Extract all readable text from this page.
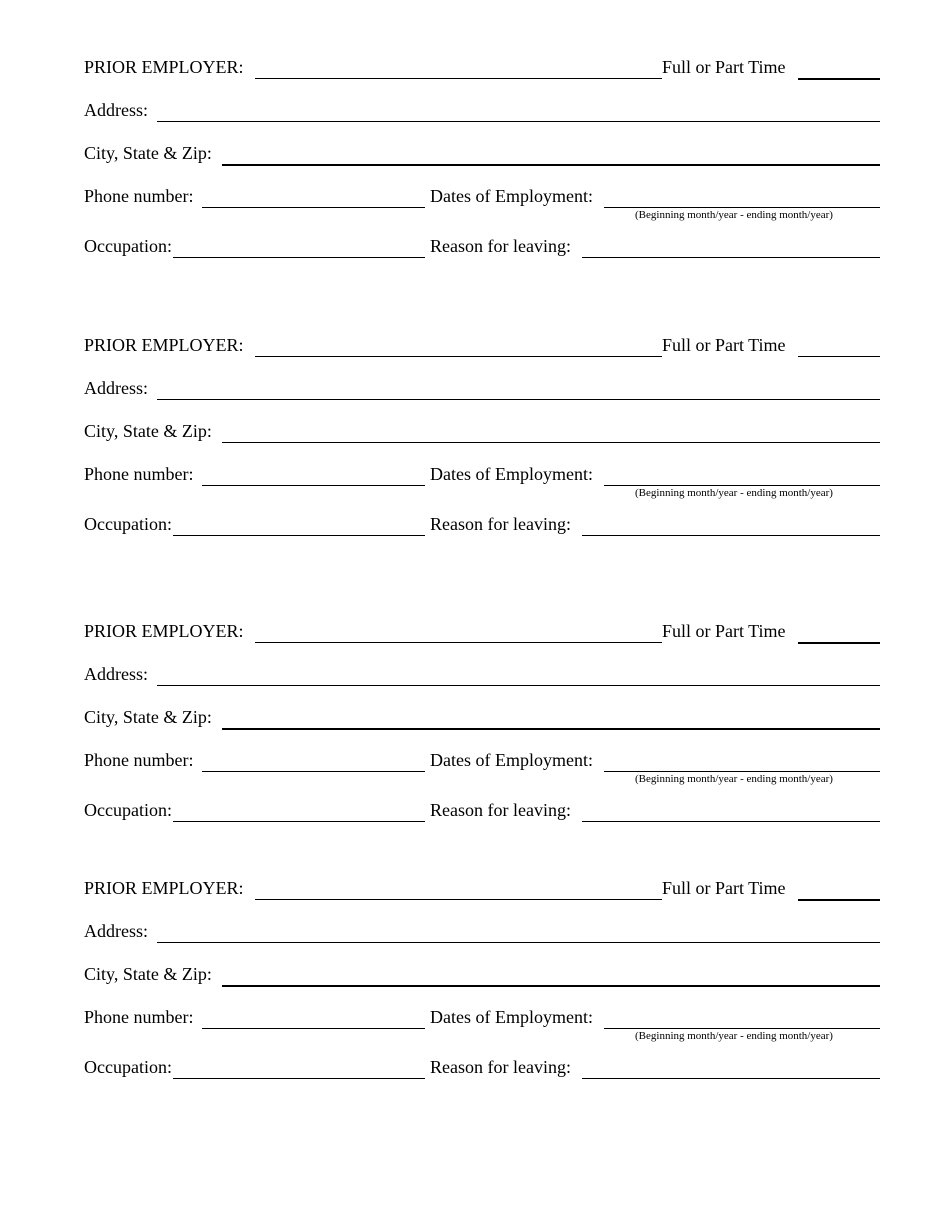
PRIOR EMPLOYER:	Full or Part Time
Address:
City, State & Zip:
Phone number:	Dates of Employment:
(Beginning month/year - ending month/year)
Occupation:	Reason for leaving:
PRIOR EMPLOYER:	Full or Part Time
Address:
City, State & Zip:
Phone number:	Dates of Employment:
(Beginning month/year - ending month/year)
Occupation:	Reason for leaving:
PRIOR EMPLOYER:	Full or Part Time
Address:
City, State & Zip:
Phone number:	Dates of Employment:
(Beginning month/year - ending month/year)
Occupation:	Reason for leaving:
PRIOR EMPLOYER:	Full or Part Time
Address:
City, State & Zip:
Phone number:	Dates of Employment:
(Beginning month/year - ending month/year)
Occupation:	Reason for leaving:
